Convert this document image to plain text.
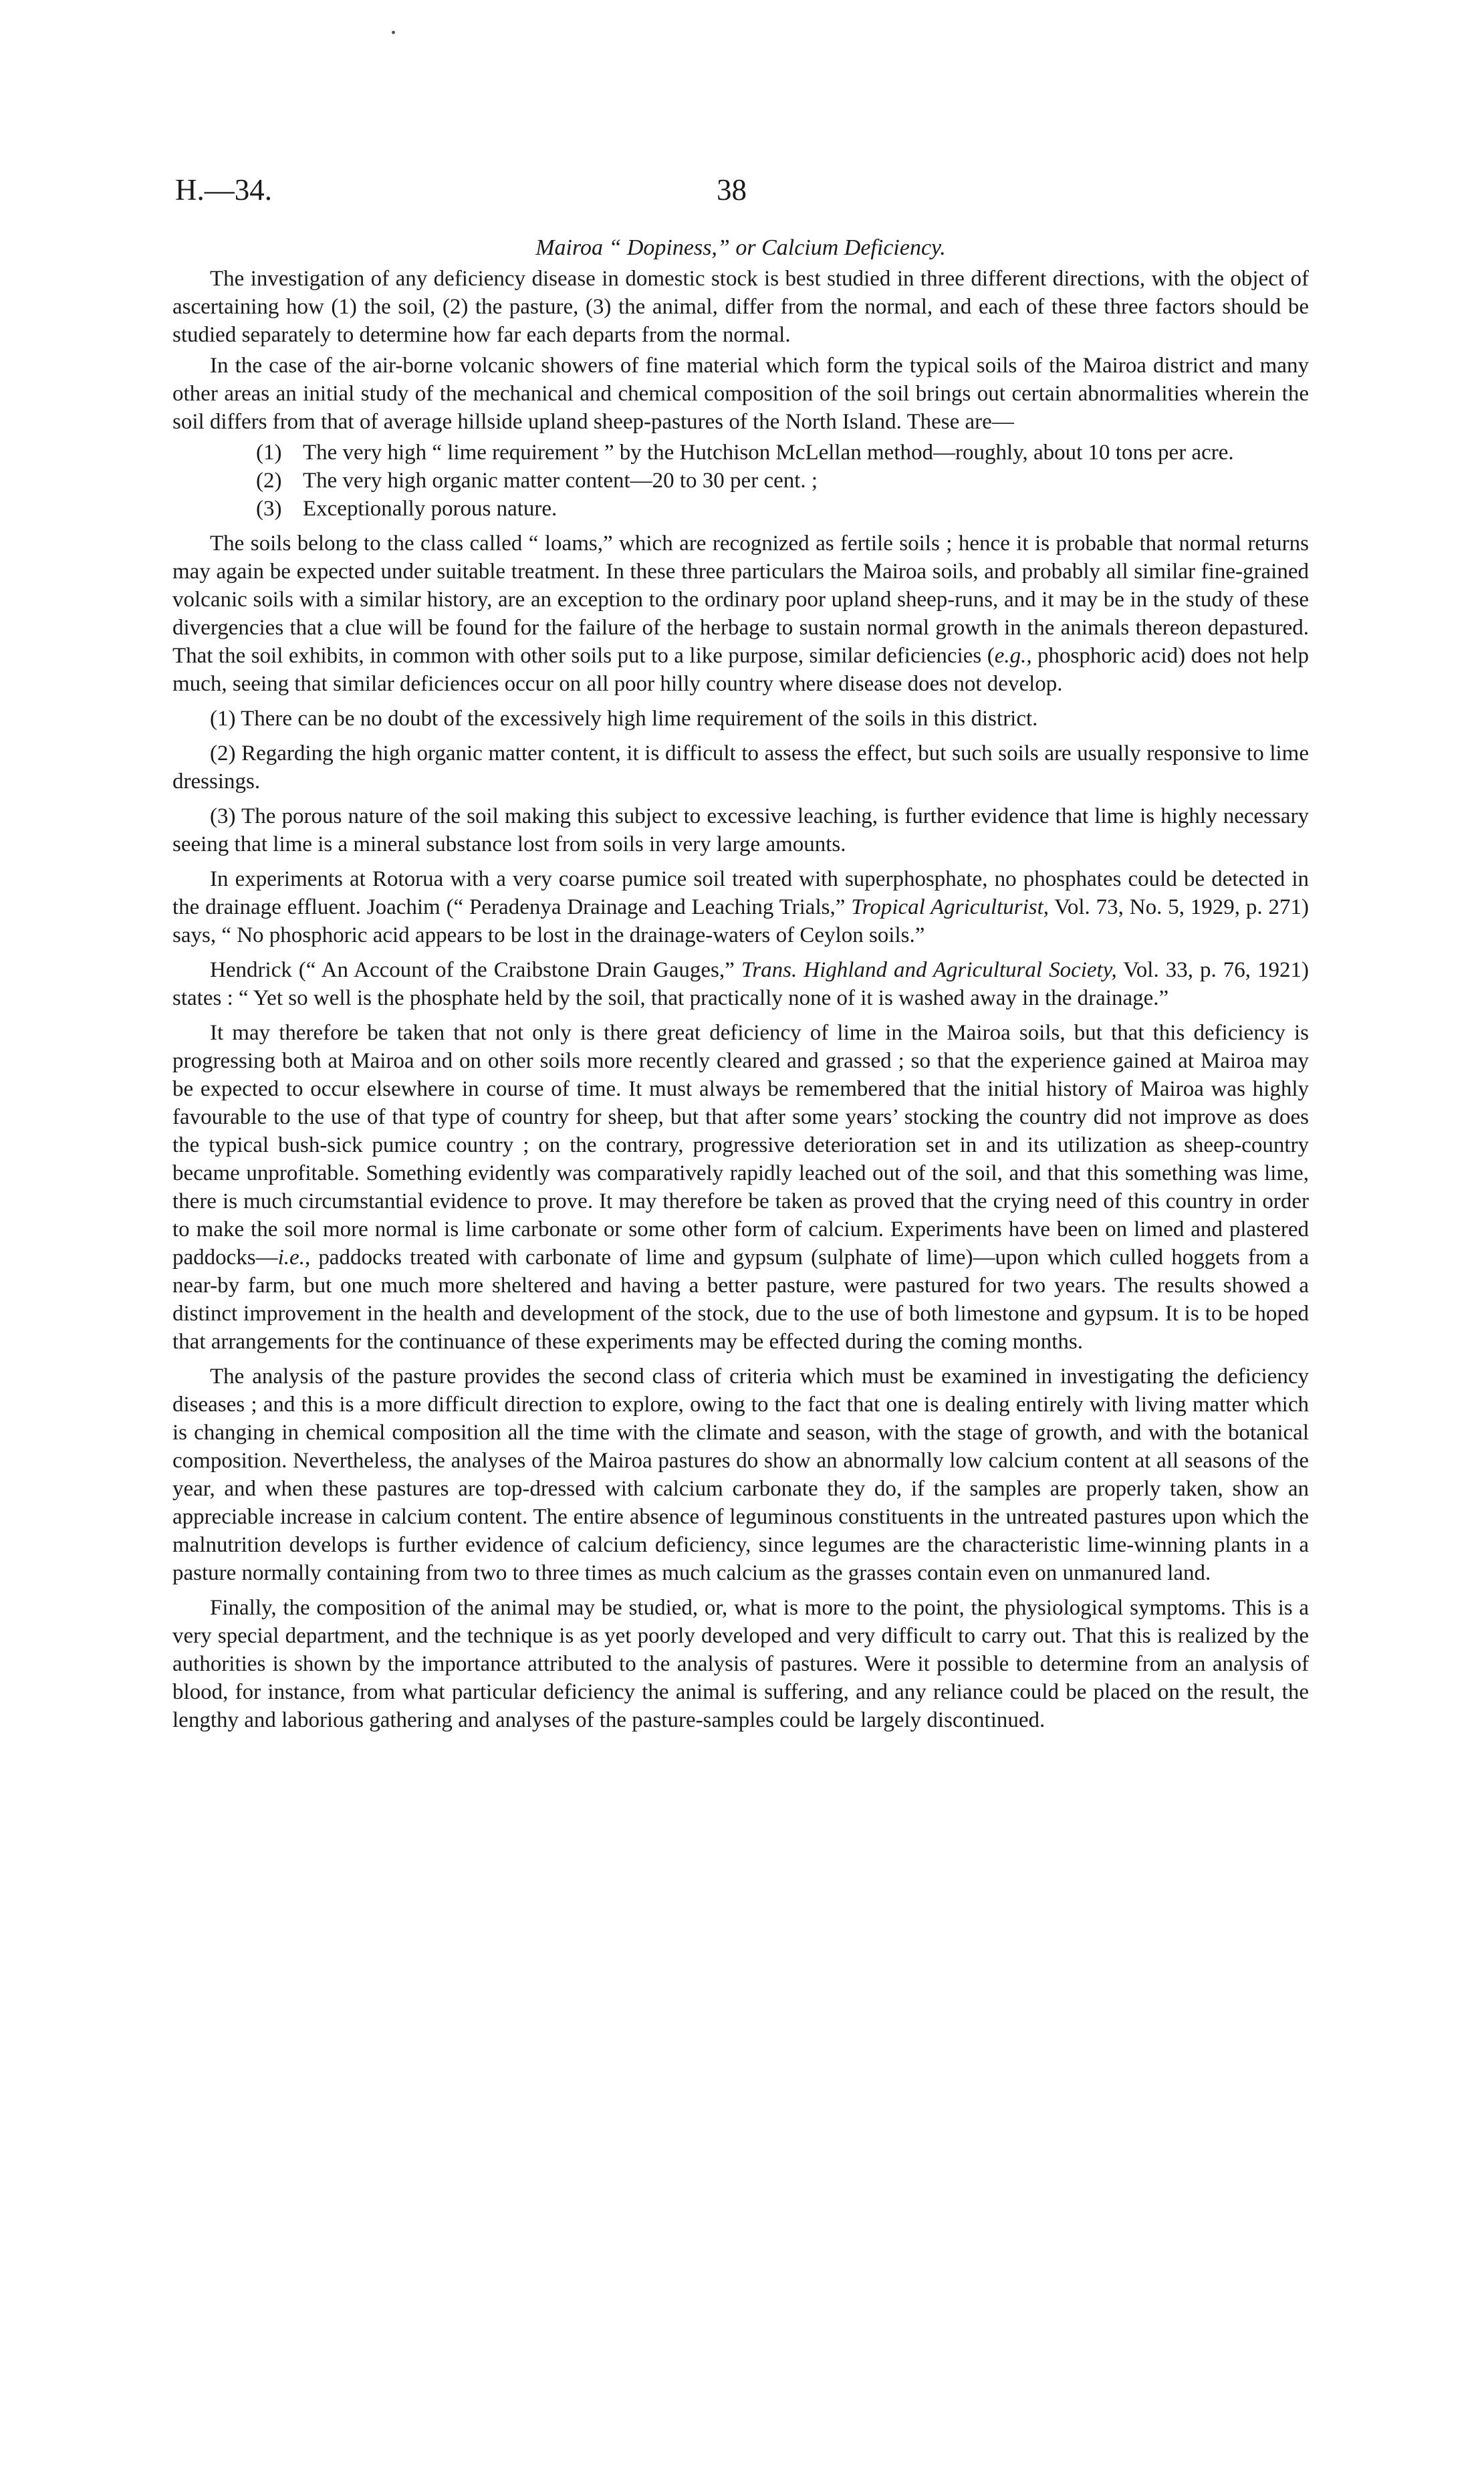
H.—34.	38
Mairoa “ Dopiness,” or Calcium Deficiency.

The investigation of any deficiency disease in domestic stock is best studied in three different directions, with the object of ascertaining how (1) the soil, (2) the pasture, (3) the animal, differ from the normal, and each of these three factors should be studied separately to determine how far each departs from the normal.

In the case of the air-borne volcanic showers of fine material which form the typical soils of the Mairoa district and many other areas an initial study of the mechanical and chemical composition of the soil brings out certain abnormalities wherein the soil differs from that of average hillside upland sheep-pastures of the North Island. These are—

(1) The very high “ lime requirement ” by the Hutchison McLellan method—roughly, about 10 tons per acre.
(2) The very high organic matter content—20 to 30 per cent. ;
(3) Exceptionally porous nature.

The soils belong to the class called “ loams,” which are recognized as fertile soils ; hence it is probable that normal returns may again be expected under suitable treatment. In these three particulars the Mairoa soils, and probably all similar fine-grained volcanic soils with a similar history, are an exception to the ordinary poor upland sheep-runs, and it may be in the study of these divergencies that a clue will be found for the failure of the herbage to sustain normal growth in the animals thereon depastured. That the soil exhibits, in common with other soils put to a like purpose, similar deficiencies (e.g., phosphoric acid) does not help much, seeing that similar deficiences occur on all poor hilly country where disease does not develop.

(1) There can be no doubt of the excessively high lime requirement of the soils in this district.

(2) Regarding the high organic matter content, it is difficult to assess the effect, but such soils are usually responsive to lime dressings.

(3) The porous nature of the soil making this subject to excessive leaching, is further evidence that lime is highly necessary seeing that lime is a mineral substance lost from soils in very large amounts.

In experiments at Rotorua with a very coarse pumice soil treated with superphosphate, no phosphates could be detected in the drainage effluent. Joachim (“ Peradenya Drainage and Leaching Trials,” Tropical Agriculturist, Vol. 73, No. 5, 1929, p. 271) says, “ No phosphoric acid appears to be lost in the drainage-waters of Ceylon soils.”

Hendrick (“ An Account of the Craibstone Drain Gauges,” Trans. Highland and Agricultural Society, Vol. 33, p. 76, 1921) states : “ Yet so well is the phosphate held by the soil, that practically none of it is washed away in the drainage.”

It may therefore be taken that not only is there great deficiency of lime in the Mairoa soils, but that this deficiency is progressing both at Mairoa and on other soils more recently cleared and grassed ; so that the experience gained at Mairoa may be expected to occur elsewhere in course of time. It must always be remembered that the initial history of Mairoa was highly favourable to the use of that type of country for sheep, but that after some years’ stocking the country did not improve as does the typical bush-sick pumice country ; on the contrary, progressive deterioration set in and its utilization as sheep-country became unprofitable. Something evidently was comparatively rapidly leached out of the soil, and that this something was lime, there is much circumstantial evidence to prove. It may therefore be taken as proved that the crying need of this country in order to make the soil more normal is lime carbonate or some other form of calcium. Experiments have been on limed and plastered paddocks—i.e., paddocks treated with carbonate of lime and gypsum (sulphate of lime)—upon which culled hoggets from a near-by farm, but one much more sheltered and having a better pasture, were pastured for two years. The results showed a distinct improvement in the health and development of the stock, due to the use of both limestone and gypsum. It is to be hoped that arrangements for the continuance of these experiments may be effected during the coming months.

The analysis of the pasture provides the second class of criteria which must be examined in investigating the deficiency diseases ; and this is a more difficult direction to explore, owing to the fact that one is dealing entirely with living matter which is changing in chemical composition all the time with the climate and season, with the stage of growth, and with the botanical composition. Nevertheless, the analyses of the Mairoa pastures do show an abnormally low calcium content at all seasons of the year, and when these pastures are top-dressed with calcium carbonate they do, if the samples are properly taken, show an appreciable increase in calcium content. The entire absence of leguminous constituents in the untreated pastures upon which the malnutrition develops is further evidence of calcium deficiency, since legumes are the characteristic lime-winning plants in a pasture normally containing from two to three times as much calcium as the grasses contain even on unmanured land.

Finally, the composition of the animal may be studied, or, what is more to the point, the physiological symptoms. This is a very special department, and the technique is as yet poorly developed and very difficult to carry out. That this is realized by the authorities is shown by the importance attributed to the analysis of pastures. Were it possible to determine from an analysis of blood, for instance, from what particular deficiency the animal is suffering, and any reliance could be placed on the result, the lengthy and laborious gathering and analyses of the pasture-samples could be largely discontinued.
